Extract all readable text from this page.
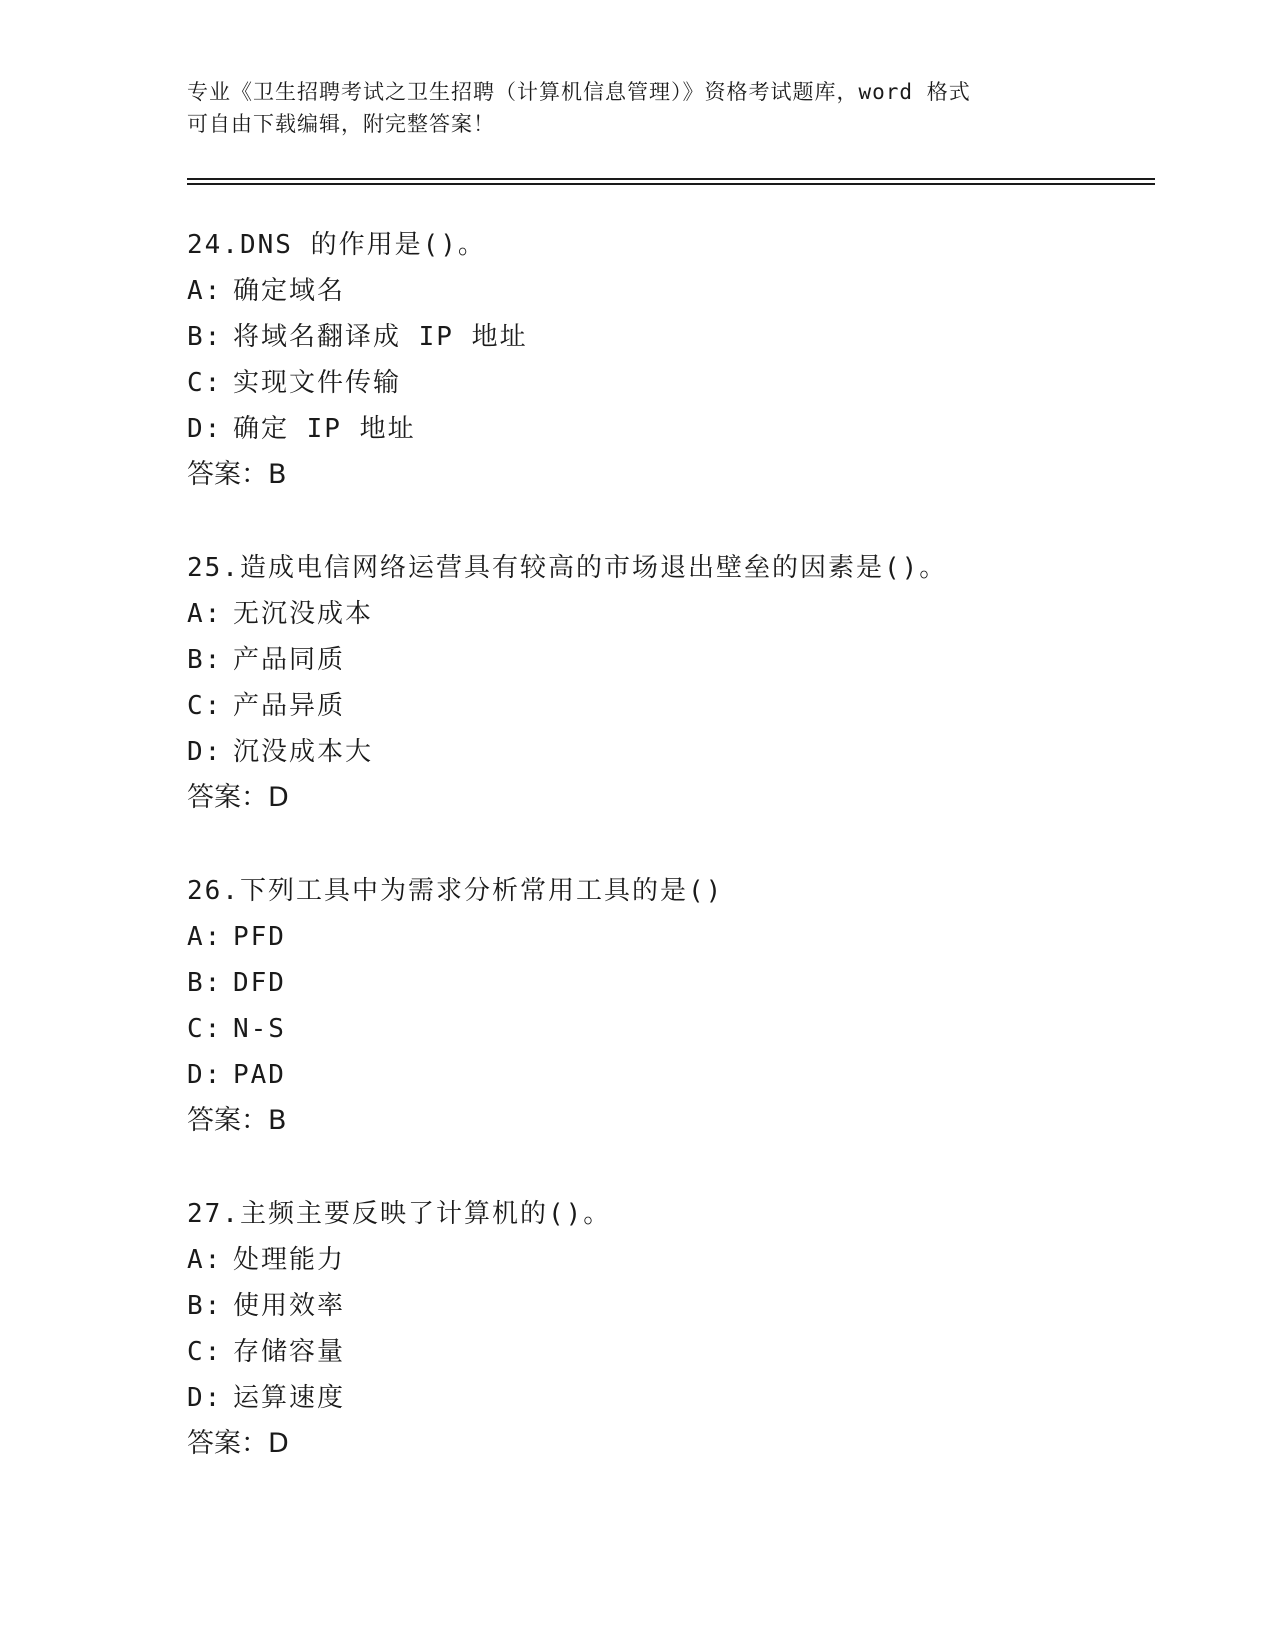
专业《卫生招聘考试之卫生招聘（计算机信息管理）》资格考试题库，word 格式
可自由下载编辑，附完整答案！
24.DNS 的作用是()。
A: 确定域名
B: 将域名翻译成 IP 地址
C: 实现文件传输
D: 确定 IP 地址
答案：B
25.造成电信网络运营具有较高的市场退出壁垒的因素是()。
A: 无沉没成本
B: 产品同质
C: 产品异质
D: 沉没成本大
答案：D
26.下列工具中为需求分析常用工具的是()
A: PFD
B: DFD
C: N-S
D: PAD
答案：B
27.主频主要反映了计算机的()。
A: 处理能力
B: 使用效率
C: 存储容量
D: 运算速度
答案：D
